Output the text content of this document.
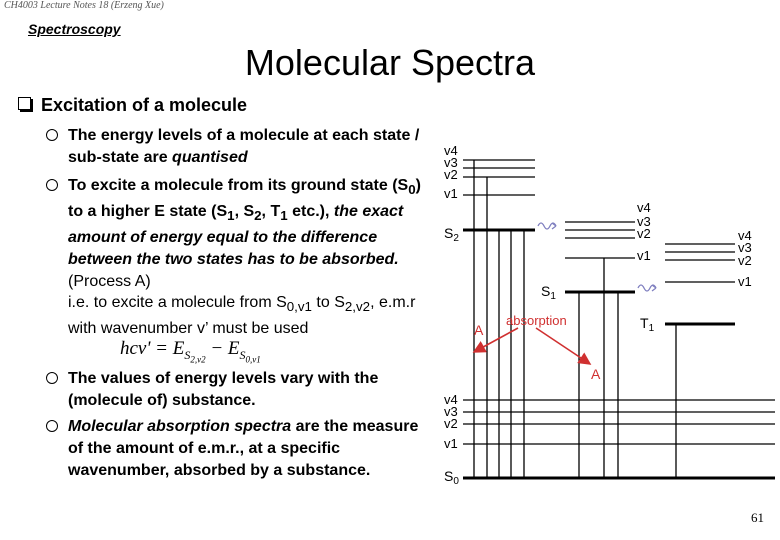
CH4003 Lecture Notes 18 (Erzeng Xue)
Spectroscopy
Molecular Spectra
Excitation of a molecule
The energy levels of a molecule at each state / sub-state are quantised
To excite a molecule from its ground state $(S_0)$ to a higher E state ($S_1$, $S_2$, $T_1$ etc.), the exact amount of energy equal to the difference between the two states has to be absorbed. (Process A)
i.e. to excite a molecule from $S_{0,v1}$ to $S_{2,v2}$, e.m.r with wavenumber v’ must be used
$hcv' = E_{S_{2,v2}} - E_{S_{0,v1}}$
The values of energy levels vary with the (molecule of) substance.
Molecular absorption spectra are the measure of the amount of e.m.r., at a specific wavenumber, absorbed by a substance.
v4
v3
v2
v1
$S_2$
v4
v3
v2
v1
$S_1$
v4
v3
v2
v1
$T_1$
v4
v3
v2
v1
$S_0$
absorption
A
A
61
